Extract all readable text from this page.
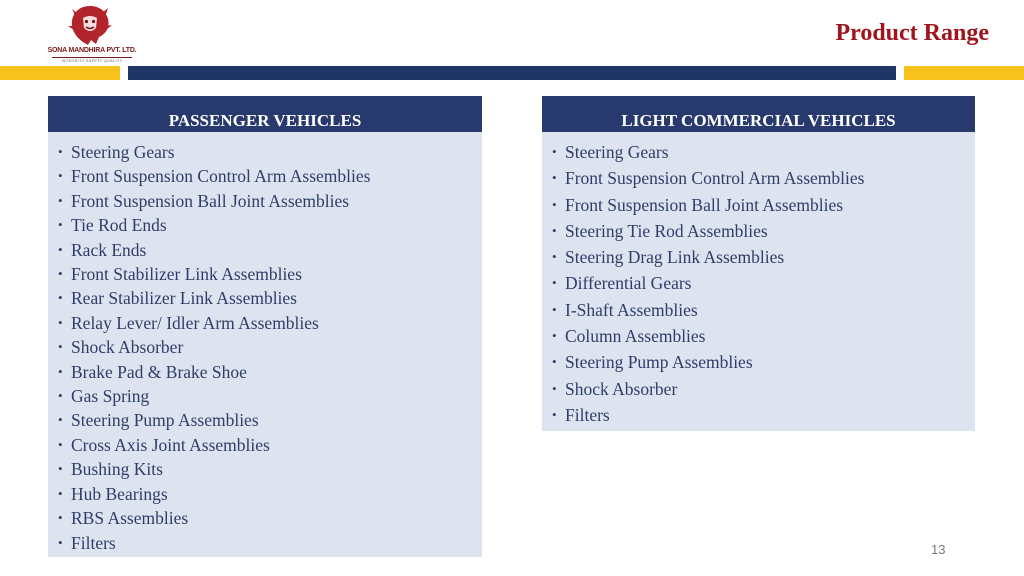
SONA MANDHIRA PVT. LTD.
INTEGRITY SAFETY QUALITY
Product Range
PASSENGER VEHICLES
• Steering Gears
• Front Suspension Control Arm Assemblies
• Front Suspension Ball Joint Assemblies
• Tie Rod Ends
• Rack Ends
• Front Stabilizer Link Assemblies
• Rear Stabilizer Link Assemblies
• Relay Lever/ Idler Arm Assemblies
• Shock Absorber
• Brake Pad & Brake Shoe
• Gas Spring
• Steering Pump Assemblies
• Cross Axis Joint Assemblies
• Bushing Kits
• Hub Bearings
• RBS Assemblies
• Filters
LIGHT COMMERCIAL VEHICLES
• Steering Gears
• Front Suspension Control Arm Assemblies
• Front Suspension Ball Joint Assemblies
• Steering Tie Rod Assemblies
• Steering Drag Link Assemblies
• Differential Gears
• I-Shaft Assemblies
• Column Assemblies
• Steering Pump Assemblies
• Shock Absorber
• Filters
13
